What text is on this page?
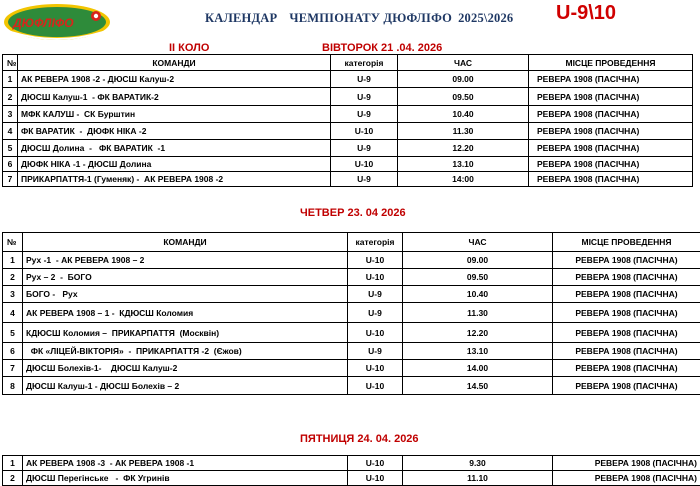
ДЮФЛІФО	КАЛЕНДАР ЧЕМПІОНАТУ ДЮФЛІФО 2025\2026 U-9\10
ІІ КОЛО	ВІВТОРОК 21 .04. 2026
№	КОМАНДИ	категорія	ЧАС	МІСЦЕ ПРОВЕДЕННЯ
1	АК РЕВЕРА 1908 -2 - ДЮСШ Калуш-2	U-9	09.00	РЕВЕРА 1908 (ПАСІЧНА)
2	ДЮСШ Калуш-1  - ФК ВАРАТИК-2	U-9	09.50	РЕВЕРА 1908 (ПАСІЧНА)
3	МФК КАЛУШ -  СК Бурштин	U-9	10.40	РЕВЕРА 1908 (ПАСІЧНА)
4	ФК ВАРАТИК  -  ДЮФК НІКА -2	U-10	11.30	РЕВЕРА 1908 (ПАСІЧНА)
5	ДЮСШ Долина  -   ФК ВАРАТИК  -1	U-9	12.20	РЕВЕРА 1908 (ПАСІЧНА)
6	ДЮФК НІКА -1 - ДЮСШ Долина	U-10	13.10	РЕВЕРА 1908 (ПАСІЧНА)
7	ПРИКАРПАТТЯ-1 (Гуменяк) -  АК РЕВЕРА 1908 -2	U-9	14:00	РЕВЕРА 1908 (ПАСІЧНА)
ЧЕТВЕР 23. 04 2026
№	КОМАНДИ	категорія	ЧАС	МІСЦЕ ПРОВЕДЕННЯ
1	Рух -1  - АК РЕВЕРА 1908 – 2	U-10	09.00	РЕВЕРА 1908 (ПАСІЧНА)
2	Рух – 2  -  БОГО	U-10	09.50	РЕВЕРА 1908 (ПАСІЧНА)
3	БОГО -   Рух	U-9	10.40	РЕВЕРА 1908 (ПАСІЧНА)
4	АК РЕВЕРА 1908 – 1 -  КДЮСШ Коломия	U-9	11.30	РЕВЕРА 1908 (ПАСІЧНА)
5	КДЮСШ Коломия –  ПРИКАРПАТТЯ  (Москвін)	U-10	12.20	РЕВЕРА 1908 (ПАСІЧНА)
6	ФК «ЛІЦЕЙ-ВІКТОРІЯ»  -  ПРИКАРПАТТЯ -2  (Єжов)	U-9	13.10	РЕВЕРА 1908 (ПАСІЧНА)
7	ДЮСШ Болехів-1-    ДЮСШ Калуш-2	U-10	14.00	РЕВЕРА 1908 (ПАСІЧНА)
8	ДЮСШ Калуш-1 - ДЮСШ Болехів – 2	U-10	14.50	РЕВЕРА 1908 (ПАСІЧНА)
ПЯТНИЦЯ 24. 04. 2026
1	АК РЕВЕРА 1908 -3  - АК РЕВЕРА 1908 -1	U-10	9.30	РЕВЕРА 1908 (ПАСІЧНА)
2	ДЮСШ Перегінське   -  ФК Угринів	U-10	11.10	РЕВЕРА 1908 (ПАСІЧНА)
